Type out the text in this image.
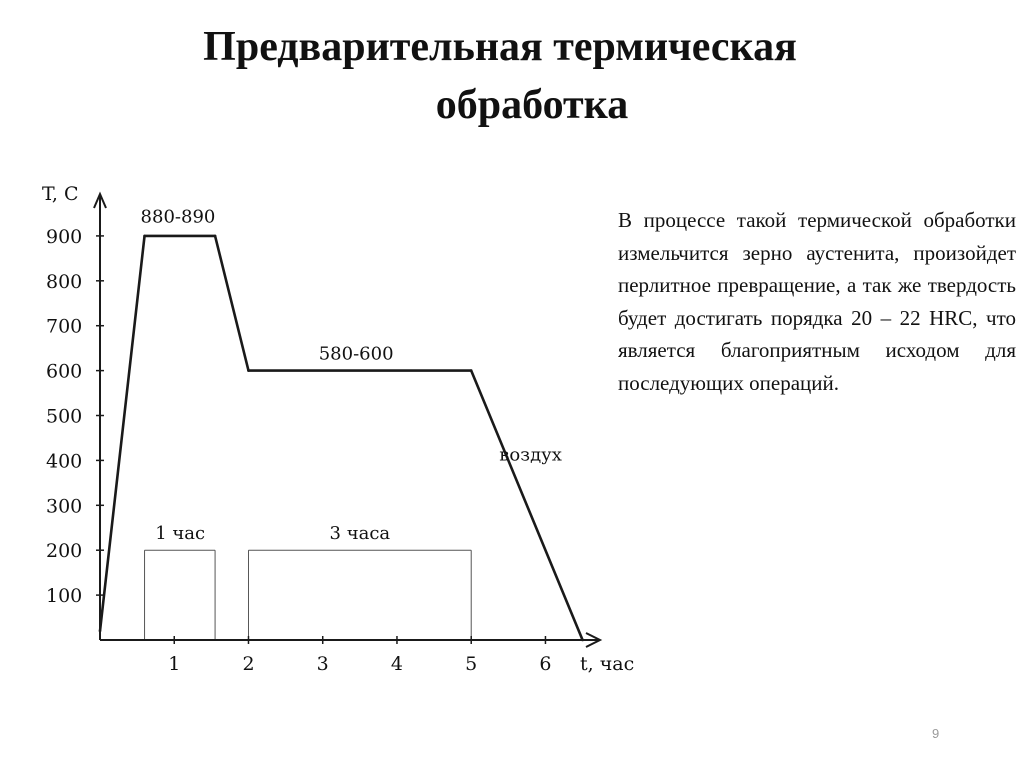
Предварительная термическая
обработка
100
200
300
400
500
600
700
800
900
1	2	3	4	5	6
T, C
t, час
880-890
580-600
воздух
1 час	3 часа

В процессе такой термической обработки измельчится зерно аустенита, произойдет перлитное превращение, а так же твердость будет достигать порядка 20 – 22 HRC, что является благоприятным исходом для последующих операций.

9
